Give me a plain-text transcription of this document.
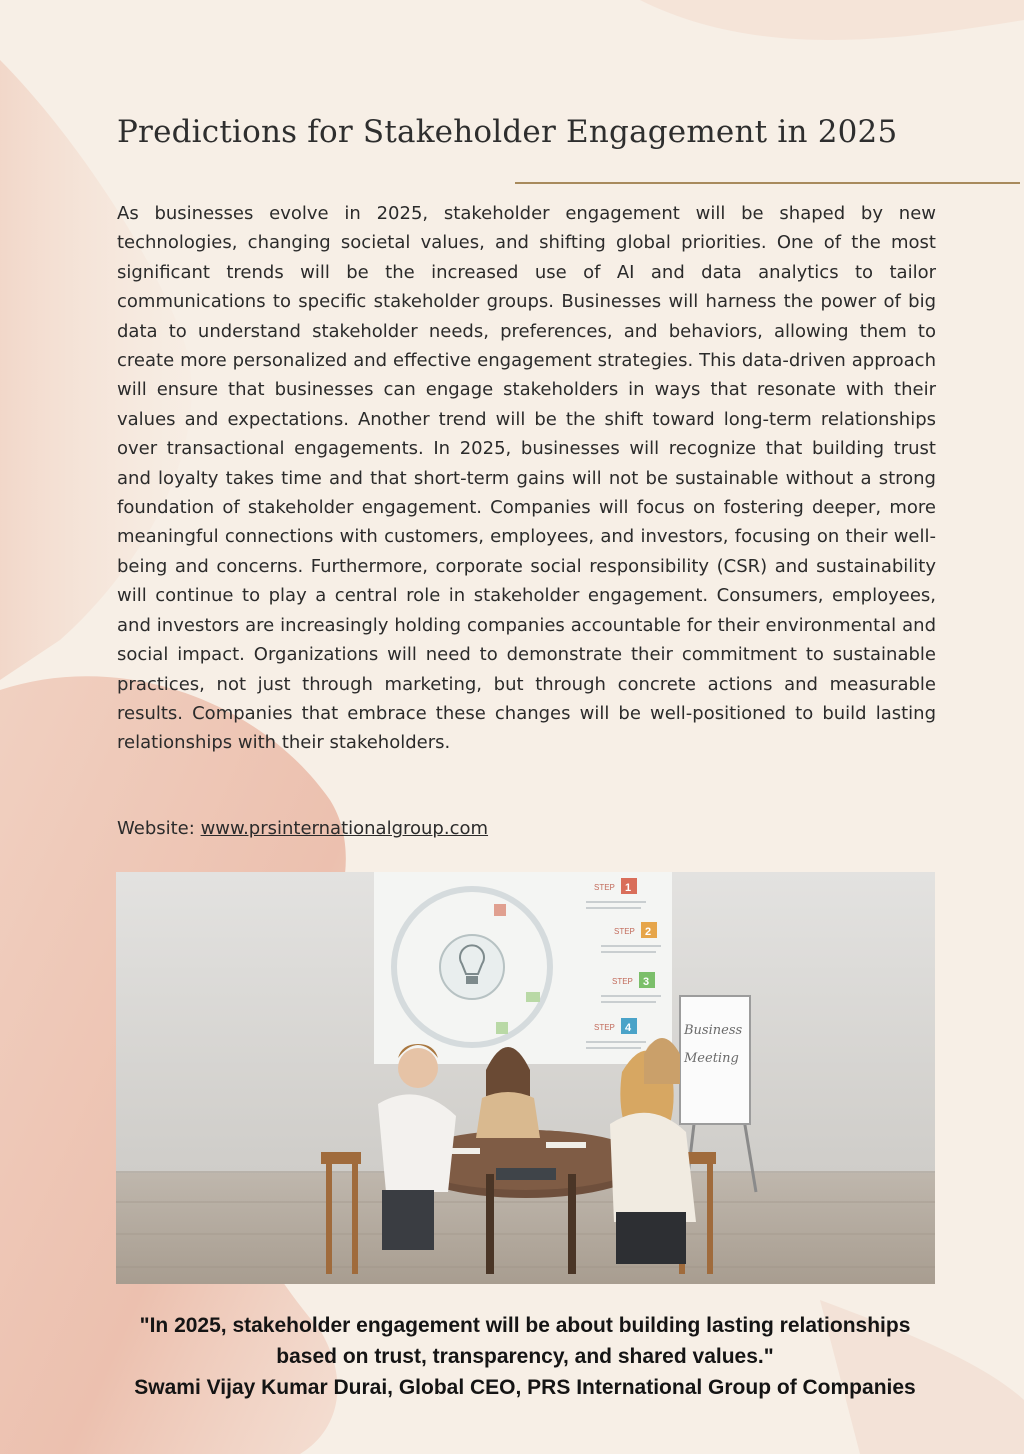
Predictions for Stakeholder Engagement in 2025

As businesses evolve in 2025, stakeholder engagement will be shaped by new technologies, changing societal values, and shifting global priorities. One of the most significant trends will be the increased use of AI and data analytics to tailor communications to specific stakeholder groups. Businesses will harness the power of big data to understand stakeholder needs, preferences, and behaviors, allowing them to create more personalized and effective engagement strategies. This data-driven approach will ensure that businesses can engage stakeholders in ways that resonate with their values and expectations. Another trend will be the shift toward long-term relationships over transactional engagements. In 2025, businesses will recognize that building trust and loyalty takes time and that short-term gains will not be sustainable without a strong foundation of stakeholder engagement. Companies will focus on fostering deeper, more meaningful connections with customers, employees, and investors, focusing on their well-being and concerns. Furthermore, corporate social responsibility (CSR) and sustainability will continue to play a central role in stakeholder engagement. Consumers, employees, and investors are increasingly holding companies accountable for their environmental and social impact. Organizations will need to demonstrate their commitment to sustainable practices, not just through marketing, but through concrete actions and measurable results. Companies that embrace these changes will be well-positioned to build lasting relationships with their stakeholders.

Website: www.prsinternationalgroup.com

STEP
STEP
STEP
STEP
1
2
3
4	Business
Meeting

"In 2025, stakeholder engagement will be about building lasting relationships

based on trust, transparency, and shared values."

Swami Vijay Kumar Durai, Global CEO, PRS International Group of Companies
